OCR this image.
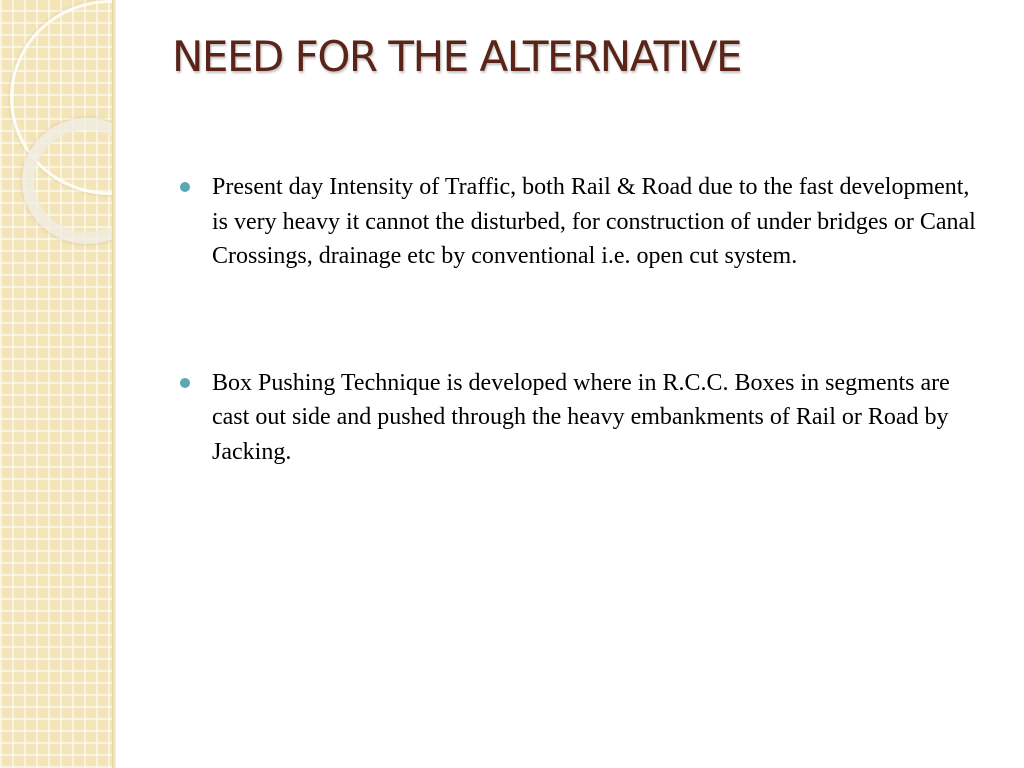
NEED FOR THE ALTERNATIVE
Present day Intensity of Traffic, both Rail & Road due to the fast development, is very heavy it cannot the disturbed, for construction of under bridges or Canal Crossings, drainage etc by conventional i.e. open cut system.
Box Pushing Technique is developed where in R.C.C. Boxes in segments are cast out side and pushed through the heavy embankments of Rail or Road by Jacking.
